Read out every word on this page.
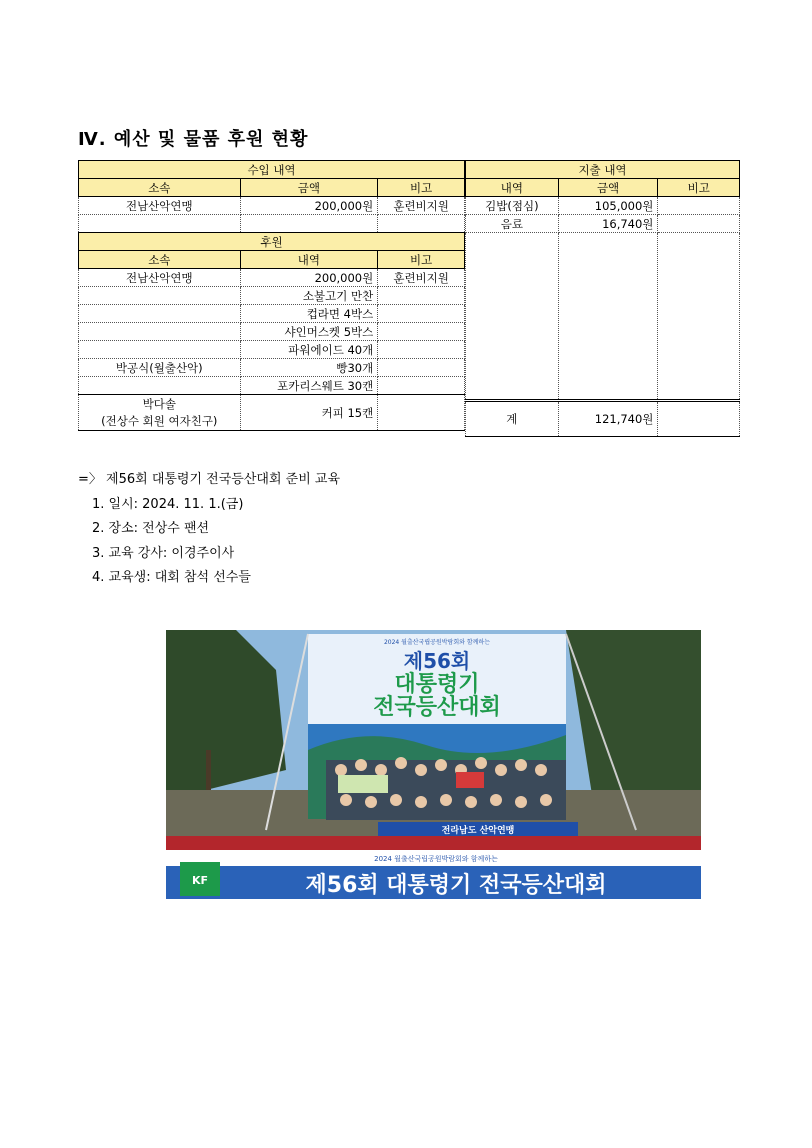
Ⅳ. 예산 및 물품 후원 현황
수입 내역		
소속	금액	비고
전남산악연맹	200,000원	훈련비지원

후원		
소속	내역	비고
전남산악연맹	200,000원	훈련비지원
	소불고기 만찬	
	컵라면 4박스	
	샤인머스켓 5박스	
	파워에이드 40개	
박공식(월출산악)	빵30개	
	포카리스웨트 30캔	

박다솔
(전상수 회원 여자친구)	커피 15캔	
지출 내역		
내역	금액	비고
김밥(점심)	105,000원	
음료	16,740원	

계	121,740원	
=〉 제56회 대통령기 전국등산대회 준비 교육
1. 일시: 2024. 11. 1.(금)
2. 장소: 전상수 팬션
3. 교육 강사: 이경주이사
4. 교육생: 대회 참석 선수들
2024 월출산국립공원박람회와 함께하는
제56회
대통령기
전국등산대회
전라남도 산악연맹
2024 월출산국립공원박람회와 함께하는
KF	제56회 대통령기 전국등산대회
